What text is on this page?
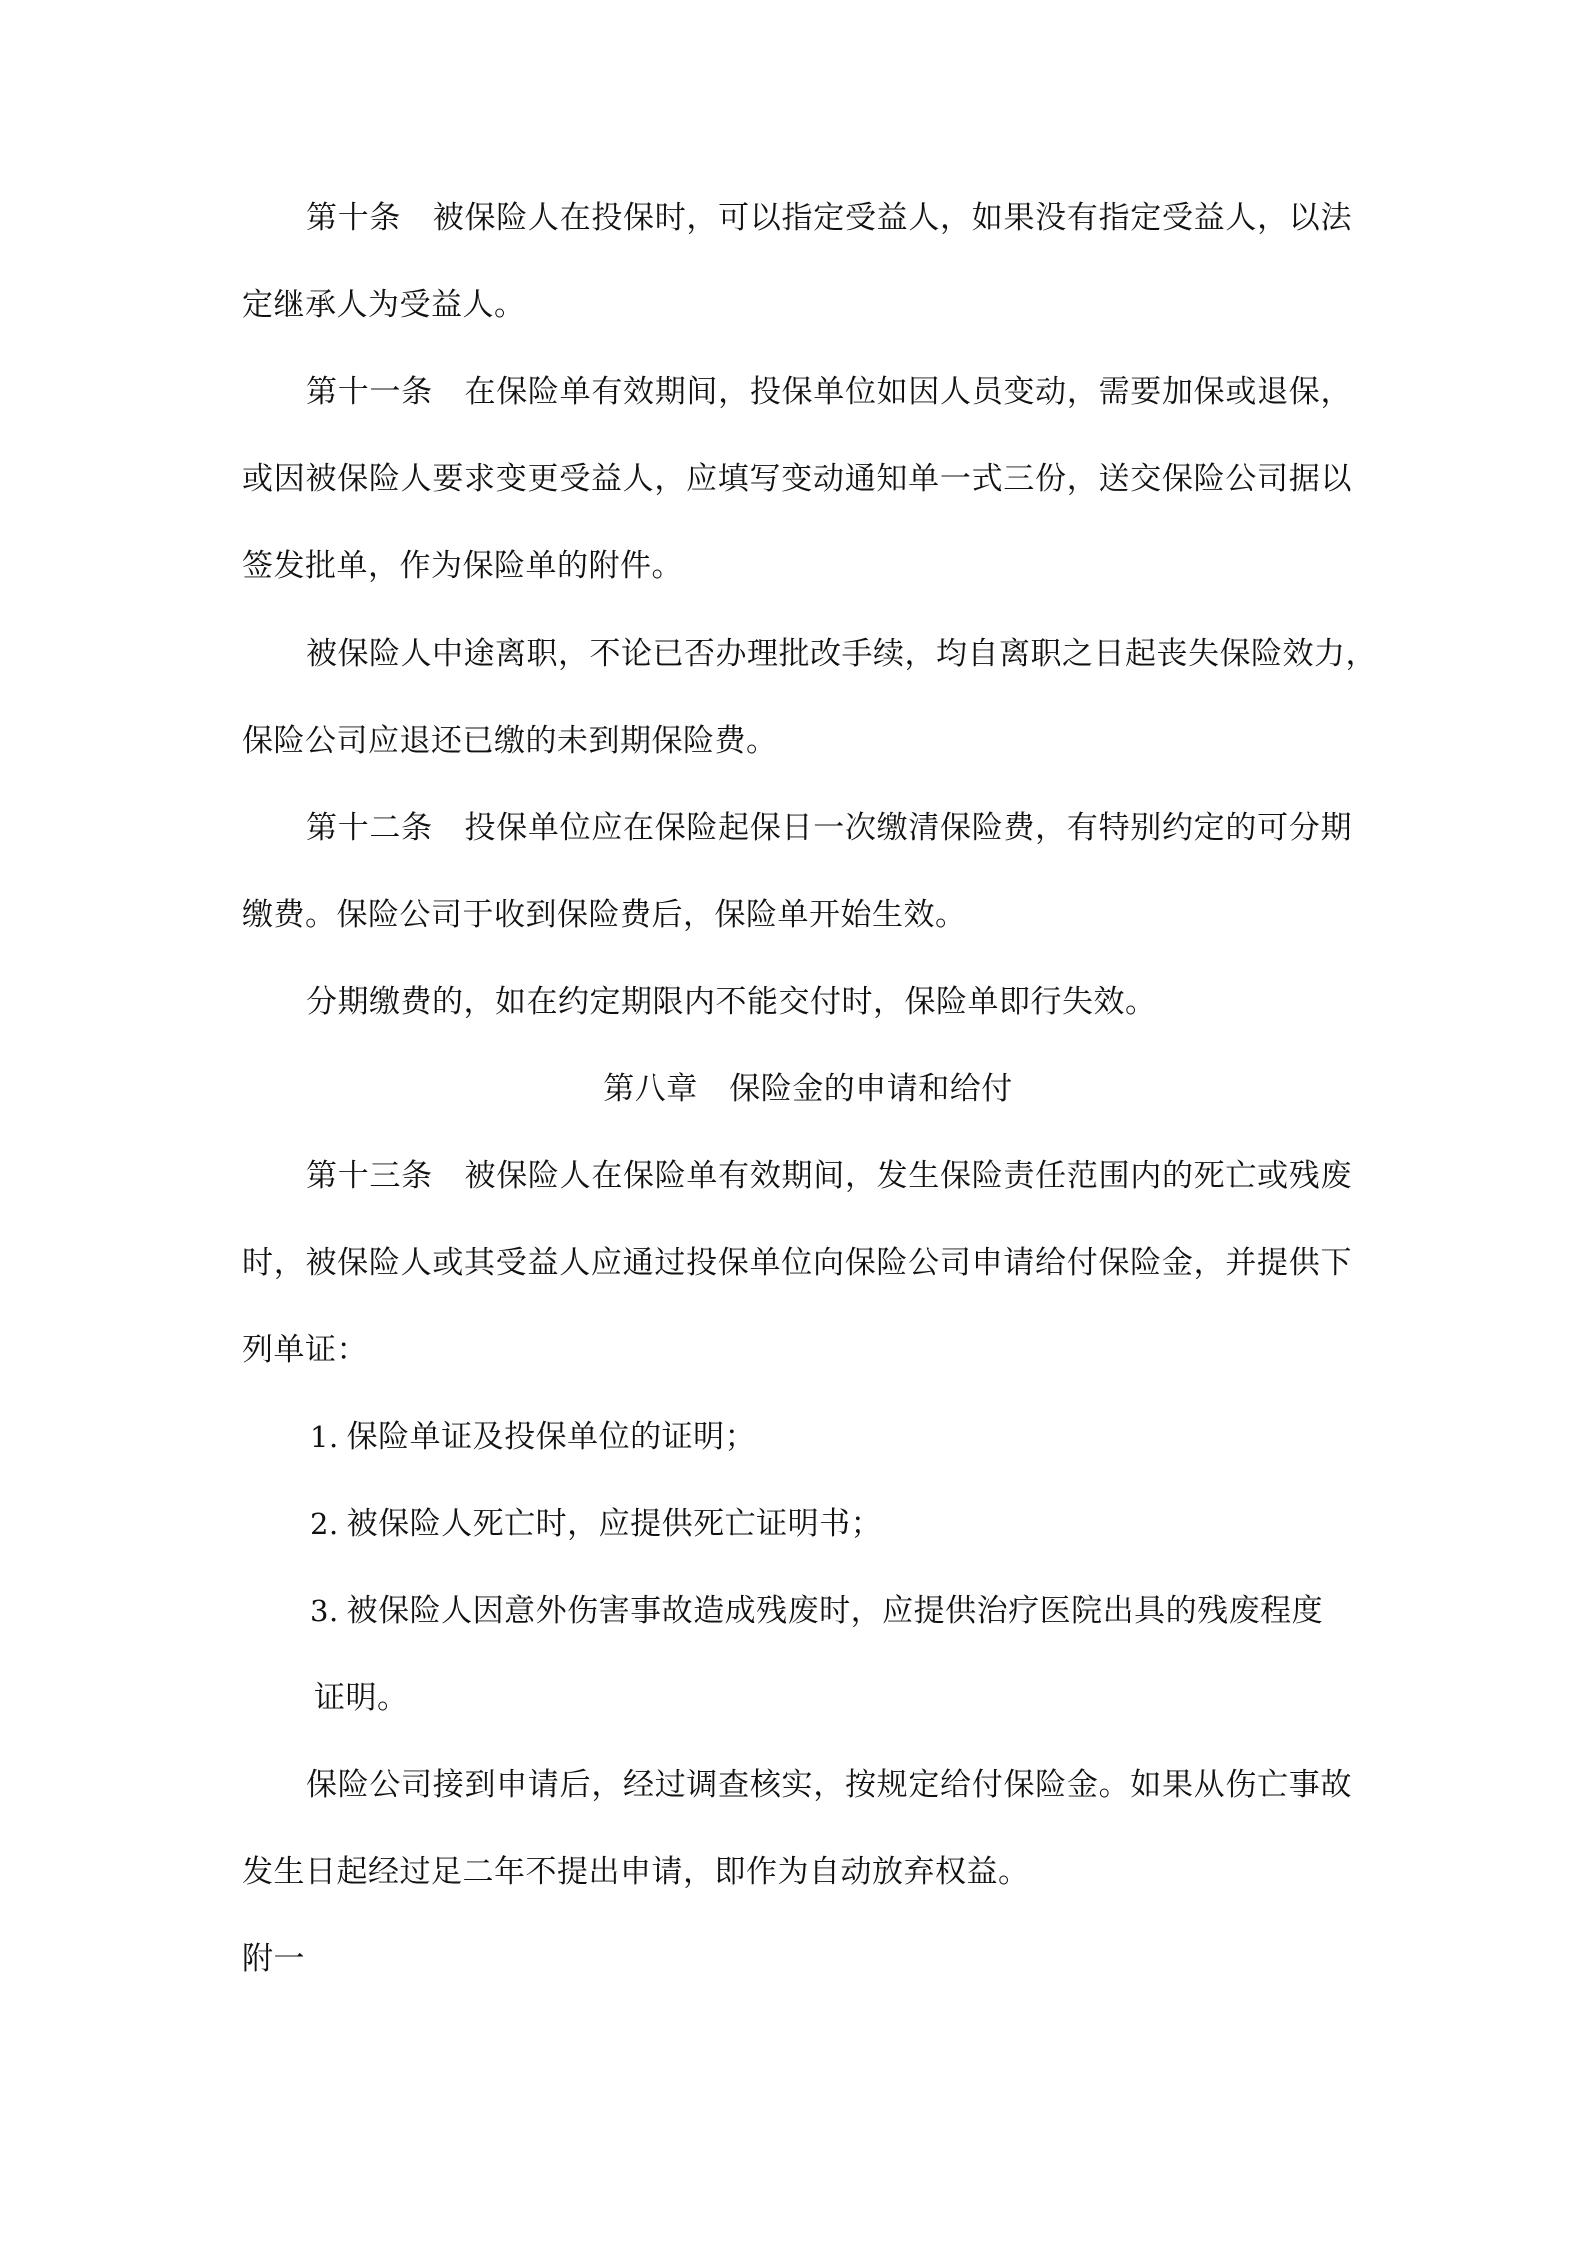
第十条　被保险人在投保时，可以指定受益人，如果没有指定受益人，以法
定继承人为受益人。
第十一条　在保险单有效期间，投保单位如因人员变动，需要加保或退保，
或因被保险人要求变更受益人，应填写变动通知单一式三份，送交保险公司据以
签发批单，作为保险单的附件。
被保险人中途离职，不论已否办理批改手续，均自离职之日起丧失保险效力，
保险公司应退还已缴的未到期保险费。
第十二条　投保单位应在保险起保日一次缴清保险费，有特别约定的可分期
缴费。保险公司于收到保险费后，保险单开始生效。
分期缴费的，如在约定期限内不能交付时，保险单即行失效。
第八章　保险金的申请和给付
第十三条　被保险人在保险单有效期间，发生保险责任范围内的死亡或残废
时，被保险人或其受益人应通过投保单位向保险公司申请给付保险金，并提供下
列单证：
1. 保险单证及投保单位的证明；
2. 被保险人死亡时，应提供死亡证明书；
3. 被保险人因意外伤害事故造成残废时，应提供治疗医院出具的残废程度
证明。
保险公司接到申请后，经过调查核实，按规定给付保险金。如果从伤亡事故
发生日起经过足二年不提出申请，即作为自动放弃权益。
附一
